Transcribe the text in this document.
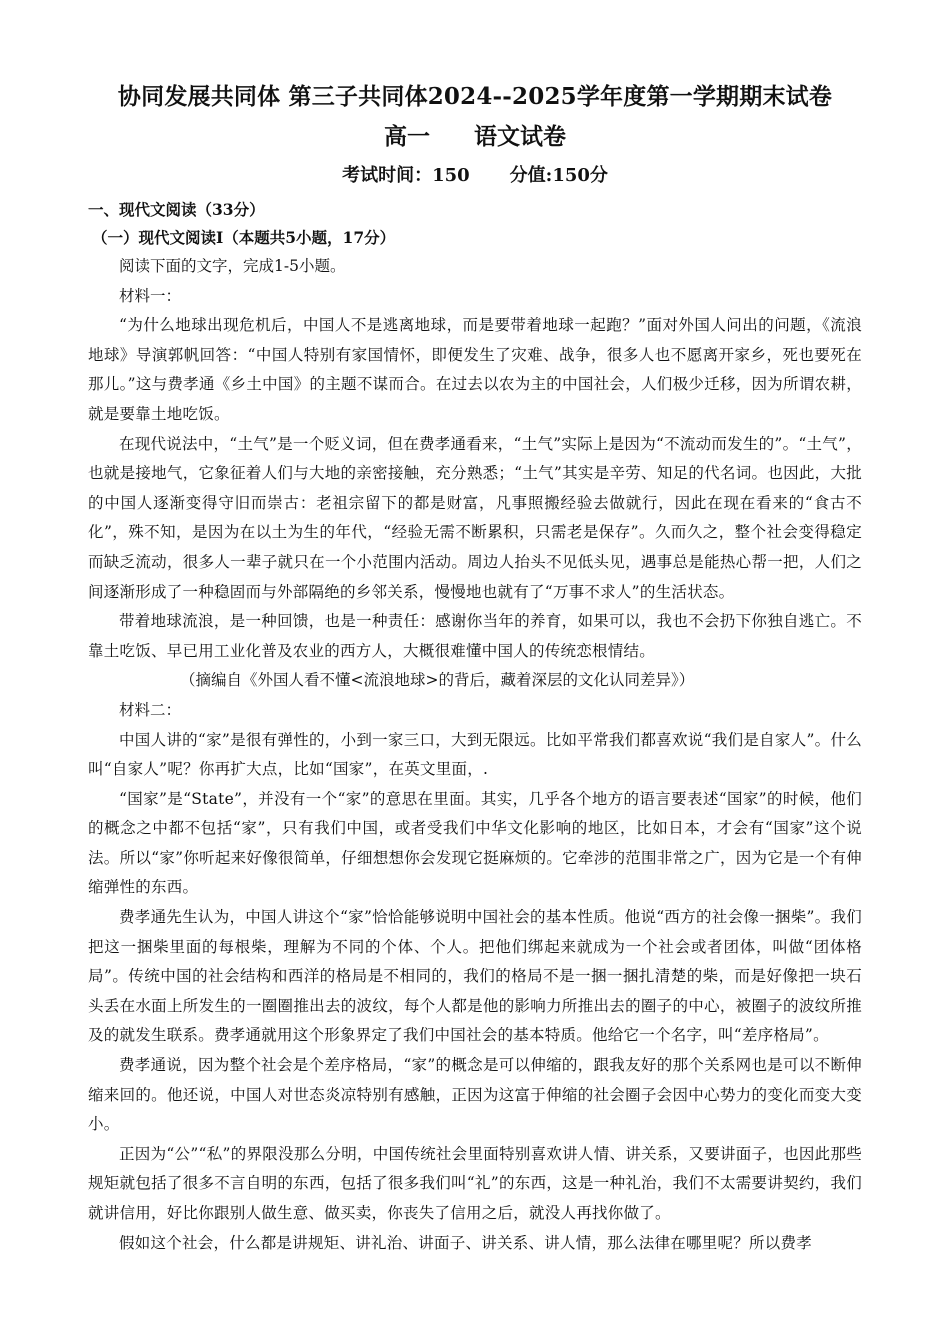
协同发展共同体 第三子共同体2024--2025学年度第一学期期末试卷
高一 语文试卷
考试时间：150 分值:150分
一、现代文阅读（33分）
（一）现代文阅读Ⅰ（本题共5小题，17分）

阅读下面的文字，完成1-5小题。

材料一：

“为什么地球出现危机后，中国人不是逃离地球，而是要带着地球一起跑？”面对外国人问出的问题，《流浪地球》导演郭帆回答：“中国人特别有家国情怀，即便发生了灾难、战争，很多人也不愿离开家乡，死也要死在那儿。”这与费孝通《乡土中国》的主题不谋而合。在过去以农为主的中国社会，人们极少迁移，因为所谓农耕，就是要靠土地吃饭。

在现代说法中，“土气”是一个贬义词，但在费孝通看来，“土气”实际上是因为“不流动而发生的”。“土气”，也就是接地气，它象征着人们与大地的亲密接触，充分熟悉；“土气”其实是辛劳、知足的代名词。也因此，大批的中国人逐渐变得守旧而崇古：老祖宗留下的都是财富，凡事照搬经验去做就行，因此在现在看来的“食古不化”，殊不知，是因为在以土为生的年代，“经验无需不断累积，只需老是保存”。久而久之，整个社会变得稳定而缺乏流动，很多人一辈子就只在一个小范围内活动。周边人抬头不见低头见，遇事总是能热心帮一把，人们之间逐渐形成了一种稳固而与外部隔绝的乡邻关系，慢慢地也就有了“万事不求人”的生活状态。

带着地球流浪，是一种回馈，也是一种责任：感谢你当年的养育，如果可以，我也不会扔下你独自逃亡。不靠土吃饭、早已用工业化普及农业的西方人，大概很难懂中国人的传统恋根情结。

（摘编自《外国人看不懂<流浪地球>的背后，藏着深层的文化认同差异》）

材料二：

中国人讲的“家”是很有弹性的，小到一家三口，大到无限远。比如平常我们都喜欢说“我们是自家人”。什么叫“自家人”呢？你再扩大点，比如“国家”，在英文里面，.

“国家”是“State”，并没有一个“家”的意思在里面。其实，几乎各个地方的语言要表述“国家”的时候，他们的概念之中都不包括“家”，只有我们中国，或者受我们中华文化影响的地区，比如日本，才会有“国家”这个说法。所以“家”你听起来好像很简单，仔细想想你会发现它挺麻烦的。它牵涉的范围非常之广，因为它是一个有伸缩弹性的东西。

费孝通先生认为，中国人讲这个“家”恰恰能够说明中国社会的基本性质。他说“西方的社会像一捆柴”。我们把这一捆柴里面的每根柴，理解为不同的个体、个人。把他们绑起来就成为一个社会或者团体，叫做“团体格局”。传统中国的社会结构和西洋的格局是不相同的，我们的格局不是一捆一捆扎清楚的柴，而是好像把一块石头丢在水面上所发生的一圈圈推出去的波纹，每个人都是他的影响力所推出去的圈子的中心，被圈子的波纹所推及的就发生联系。费孝通就用这个形象界定了我们中国社会的基本特质。他给它一个名字，叫“差序格局”。

费孝通说，因为整个社会是个差序格局，“家”的概念是可以伸缩的，跟我友好的那个关系网也是可以不断伸缩来回的。他还说，中国人对世态炎凉特别有感触，正因为这富于伸缩的社会圈子会因中心势力的变化而变大变小。

正因为“公”“私”的界限没那么分明，中国传统社会里面特别喜欢讲人情、讲关系，又要讲面子，也因此那些规矩就包括了很多不言自明的东西，包括了很多我们叫“礼”的东西，这是一种礼治，我们不太需要讲契约，我们就讲信用，好比你跟别人做生意、做买卖，你丧失了信用之后，就没人再找你做了。

假如这个社会，什么都是讲规矩、讲礼治、讲面子、讲关系、讲人情，那么法律在哪里呢？所以费孝
